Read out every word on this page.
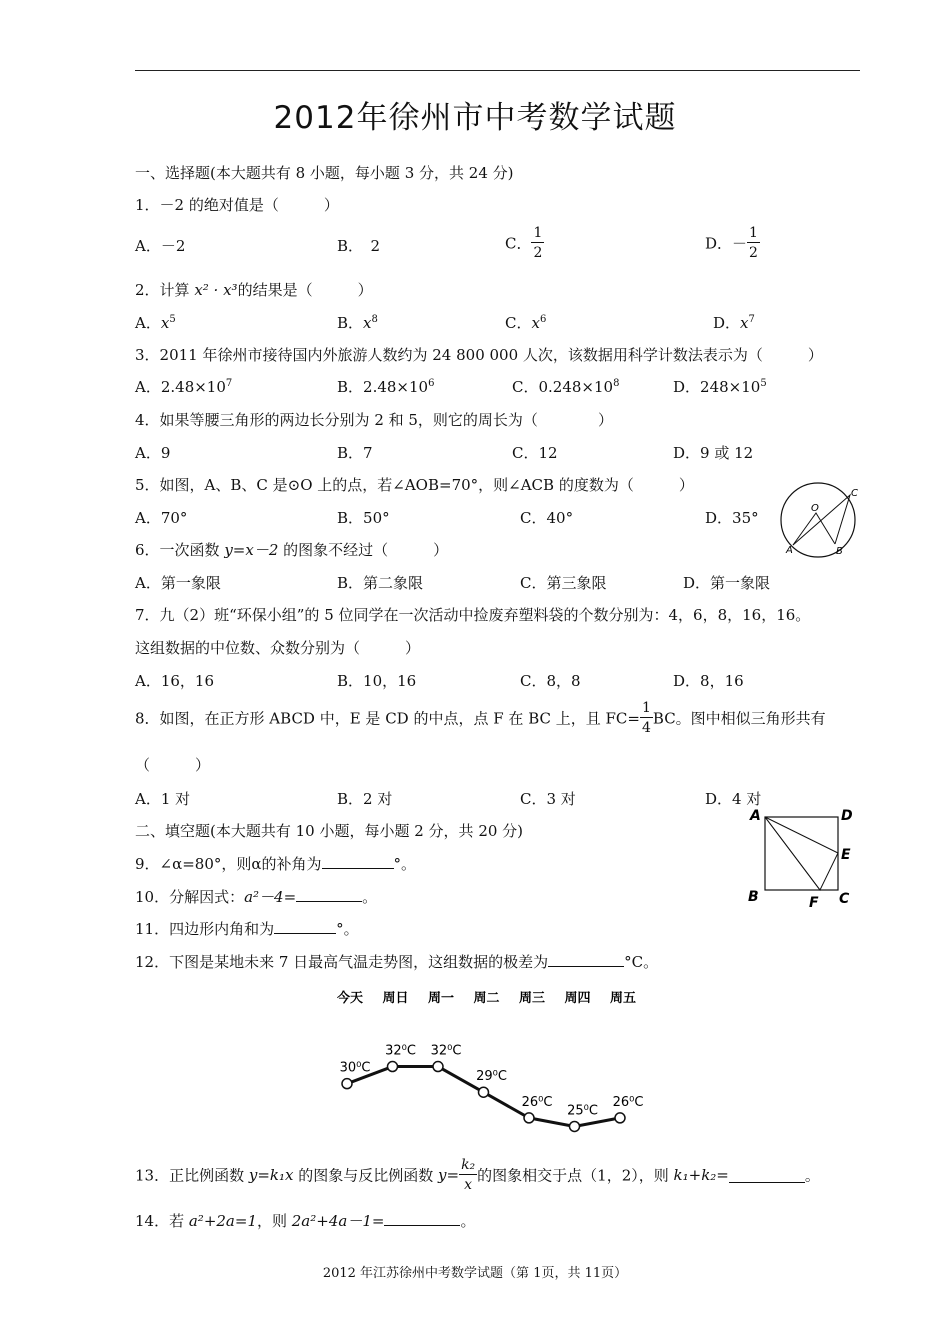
2012年徐州市中考数学试题
一、选择题(本大题共有 8 小题，每小题 3 分，共 24 分)
1．－2 的绝对值是（　　　）
A．－2	B．　2	C． $\frac{1}{2}$	D．－ $\frac{1}{2}$
2．计算 x² · x³的结果是（　　　）
A．$x^5$	B．$x^8$	C．$x^6$	D．$x^7$
3．2011 年徐州市接待国内外旅游人数约为 24 800 000 人次，该数据用科学计数法表示为（　　　）
A．$2.48\times 10^7$	B．$2.48\times 10^6$	C．$0.248\times 10^8$	D．$248\times 10^5$
4．如果等腰三角形的两边长分别为 2 和 5，则它的周长为（　　　　）
A．9	B．7	C．12	D．9 或 12
5．如图，A、B、C 是⊙O 上的点，若∠AOB=70°，则∠ACB 的度数为（　　　）
A．70°	B．50°	C．40°	D．35°
O
A	B
C
6．一次函数 y=x－2 的图象不经过（　　　）
A．第一象限	B．第二象限	C．第三象限	D．第一象限
7．九（2）班“环保小组”的 5 位同学在一次活动中捡废弃塑料袋的个数分别为：4，6，8，16，16。
这组数据的中位数、众数分别为（　　　）
A．16，16	B．10，16	C．8，8	D．8，16
8．如图，在正方形 ABCD 中，E 是 CD 的中点，点 F 在 BC 上，且 $FC= \frac{1}{4}$ BC。图中相似三角形共有
（　　　）
A．1 对	B．2 对	C．3 对	D．4 对
A	D
E
B	F C
二、填空题(本大题共有 10 小题，每小题 2 分，共 20 分)
9．∠α=80°，则α的补角为	°。
10．分解因式：a²－4=	。
11．四边形内角和为	°。
12．下图是某地未来 7 日最高气温走势图，这组数据的极差为	°C。
今天 周日 周一 周二 周三 周四 周五
30⁰C
32⁰C 32⁰C
29⁰C
26⁰C
25⁰C
26⁰C
13．正比例函数 y=k₁x 的图象与反比例函数 $y= \frac{\text{k₂}}{x}$ 的图象相交于点（1，2），则 k₁+k₂=	。
14．若 a²+2a=1，则 2a²+4a－1=	。
2012 年江苏徐州中考数学试题（第 1页，共 11页）
